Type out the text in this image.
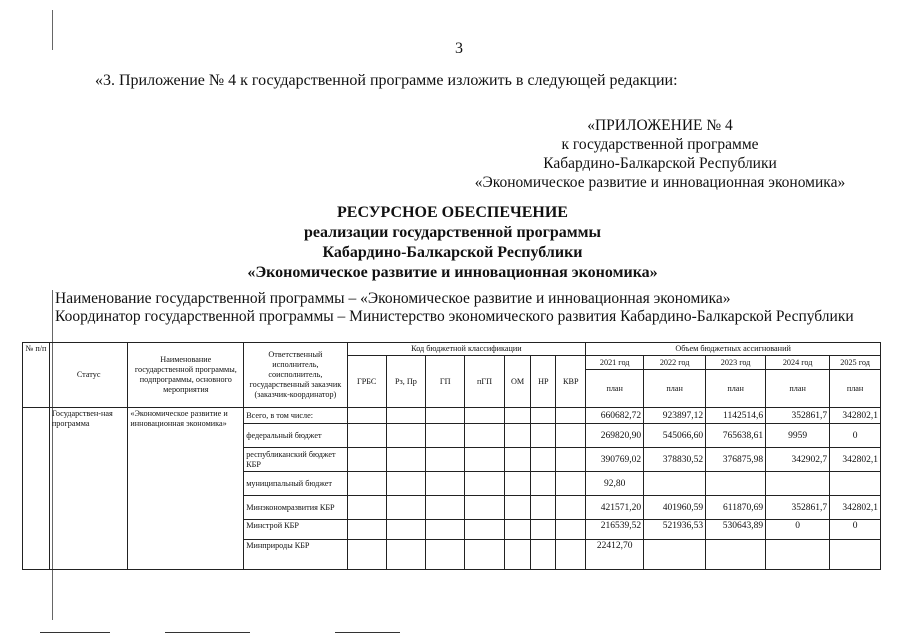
3
«3. Приложение № 4 к государственной программе изложить в следующей редакции:
«ПРИЛОЖЕНИЕ № 4
к государственной программе
Кабардино-Балкарской Республики
«Экономическое развитие и инновационная экономика»
РЕСУРСНОЕ ОБЕСПЕЧЕНИЕ
реализации государственной программы
Кабардино-Балкарской Республики
«Экономическое развитие и инновационная экономика»
Наименование государственной программы – «Экономическое развитие и инновационная экономика»
Координатор государственной программы – Министерство экономического развития Кабардино-Балкарской Республики
№ п/п	Статус	Наименование государственной программы, подпрограммы, основного мероприятия	Ответственный исполнитель, соисполнитель, государственный заказчик (заказчик-координатор)	Код бюджетной классификации							Объем бюджетных ассигнований				
				ГРБС	Рз, Пр	ГП	пГП	ОМ	НР	КВР	2021 год	2022 год	2023 год	2024 год	2025 год
											план	план	план	план	план
	Государствен-ная программа	«Экономическое развитие и инновационная экономика»	Всего, в том числе:								660682,72	923897,12	1142514,6	352861,7	342802,1
			федеральный бюджет								269820,90	545066,60	765638,61	9959	0
			республиканский бюджет КБР								390769,02	378830,52	376875,98	342902,7	342802,1
			муниципальный бюджет								92,80				
			Минэкономразвития КБР								421571,20	401960,59	611870,69	352861,7	342802,1
			Минстрой КБР								216539,52	521936,53	530643,89	0	0
			Минприроды КБР								22412,70				
